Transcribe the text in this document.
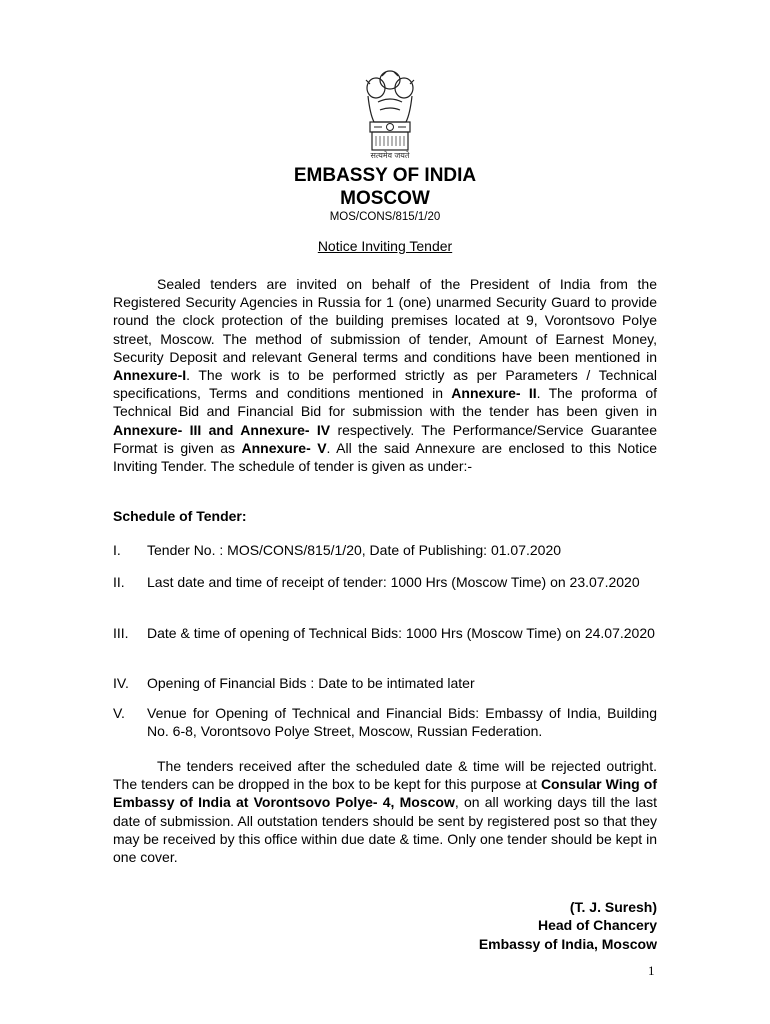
सत्यमेव जयते
EMBASSY OF INDIA
MOSCOW
MOS/CONS/815/1/20
Notice Inviting Tender
Sealed tenders are invited on behalf of the President of India from the Registered Security Agencies in Russia for 1 (one) unarmed Security Guard to provide round the clock protection of the building premises located at 9, Vorontsovo Polye street, Moscow. The method of submission of tender, Amount of Earnest Money, Security Deposit and relevant General terms and conditions have been mentioned in Annexure-I. The work is to be performed strictly as per Parameters / Technical specifications, Terms and conditions mentioned in Annexure- II. The proforma of Technical Bid and Financial Bid for submission with the tender has been given in Annexure- III and Annexure- IV respectively. The Performance/Service Guarantee Format is given as Annexure- V. All the said Annexure are enclosed to this Notice Inviting Tender. The schedule of tender is given as under:-
Schedule of Tender:
I.	Tender No. : MOS/CONS/815/1/20, Date of Publishing: 01.07.2020
II.	Last date and time of receipt of tender: 1000 Hrs (Moscow Time) on 23.07.2020
III.	Date & time of opening of Technical Bids: 1000 Hrs (Moscow Time) on 24.07.2020
IV.	Opening of Financial Bids : Date to be intimated later
V.	Venue for Opening of Technical and Financial Bids: Embassy of India, Building No. 6-8, Vorontsovo Polye Street, Moscow, Russian Federation.
The tenders received after the scheduled date & time will be rejected outright. The tenders can be dropped in the box to be kept for this purpose at Consular Wing of Embassy of India at Vorontsovo Polye- 4, Moscow, on all working days till the last date of submission. All outstation tenders should be sent by registered post so that they may be received by this office within due date & time. Only one tender should be kept in one cover.
(T. J. Suresh)
Head of Chancery
Embassy of India, Moscow
1
